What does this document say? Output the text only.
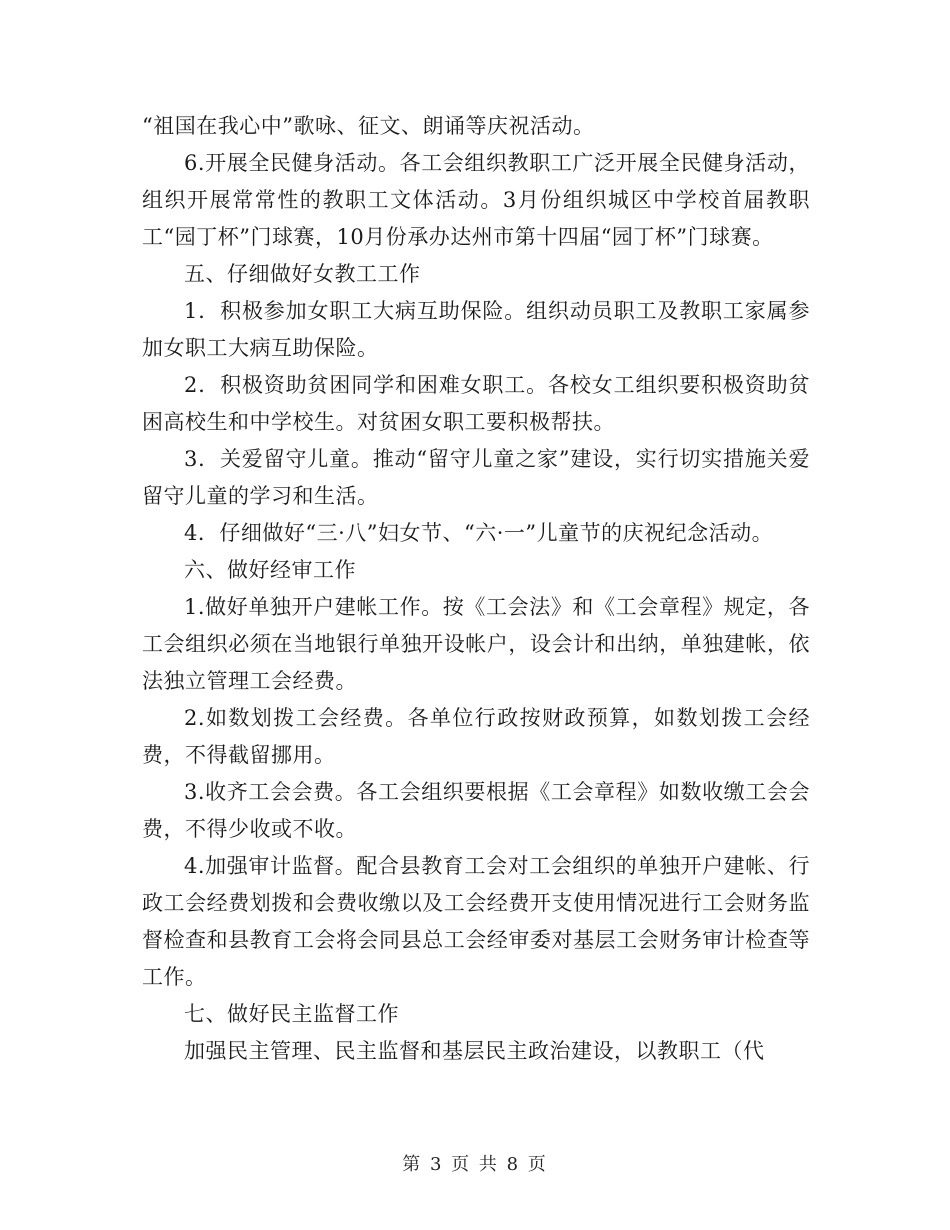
“祖国在我心中”歌咏、征文、朗诵等庆祝活动。

6.开展全民健身活动。各工会组织教职工广泛开展全民健身活动，组织开展常常性的教职工文体活动。3月份组织城区中学校首届教职工“园丁杯”门球赛，10月份承办达州市第十四届“园丁杯”门球赛。

五、仔细做好女教工工作

1．积极参加女职工大病互助保险。组织动员职工及教职工家属参加女职工大病互助保险。

2．积极资助贫困同学和困难女职工。各校女工组织要积极资助贫困高校生和中学校生。对贫困女职工要积极帮扶。

3．关爱留守儿童。推动“留守儿童之家”建设，实行切实措施关爱留守儿童的学习和生活。

4．仔细做好“三·八”妇女节、“六·一”儿童节的庆祝纪念活动。

六、做好经审工作

1.做好单独开户建帐工作。按《工会法》和《工会章程》规定，各工会组织必须在当地银行单独开设帐户，设会计和出纳，单独建帐，依法独立管理工会经费。

2.如数划拨工会经费。各单位行政按财政预算，如数划拨工会经费，不得截留挪用。

3.收齐工会会费。各工会组织要根据《工会章程》如数收缴工会会费，不得少收或不收。

4.加强审计监督。配合县教育工会对工会组织的单独开户建帐、行政工会经费划拨和会费收缴以及工会经费开支使用情况进行工会财务监督检查和县教育工会将会同县总工会经审委对基层工会财务审计检查等工作。

七、做好民主监督工作

加强民主管理、民主监督和基层民主政治建设，以教职工（代

第 3 页 共 8 页
